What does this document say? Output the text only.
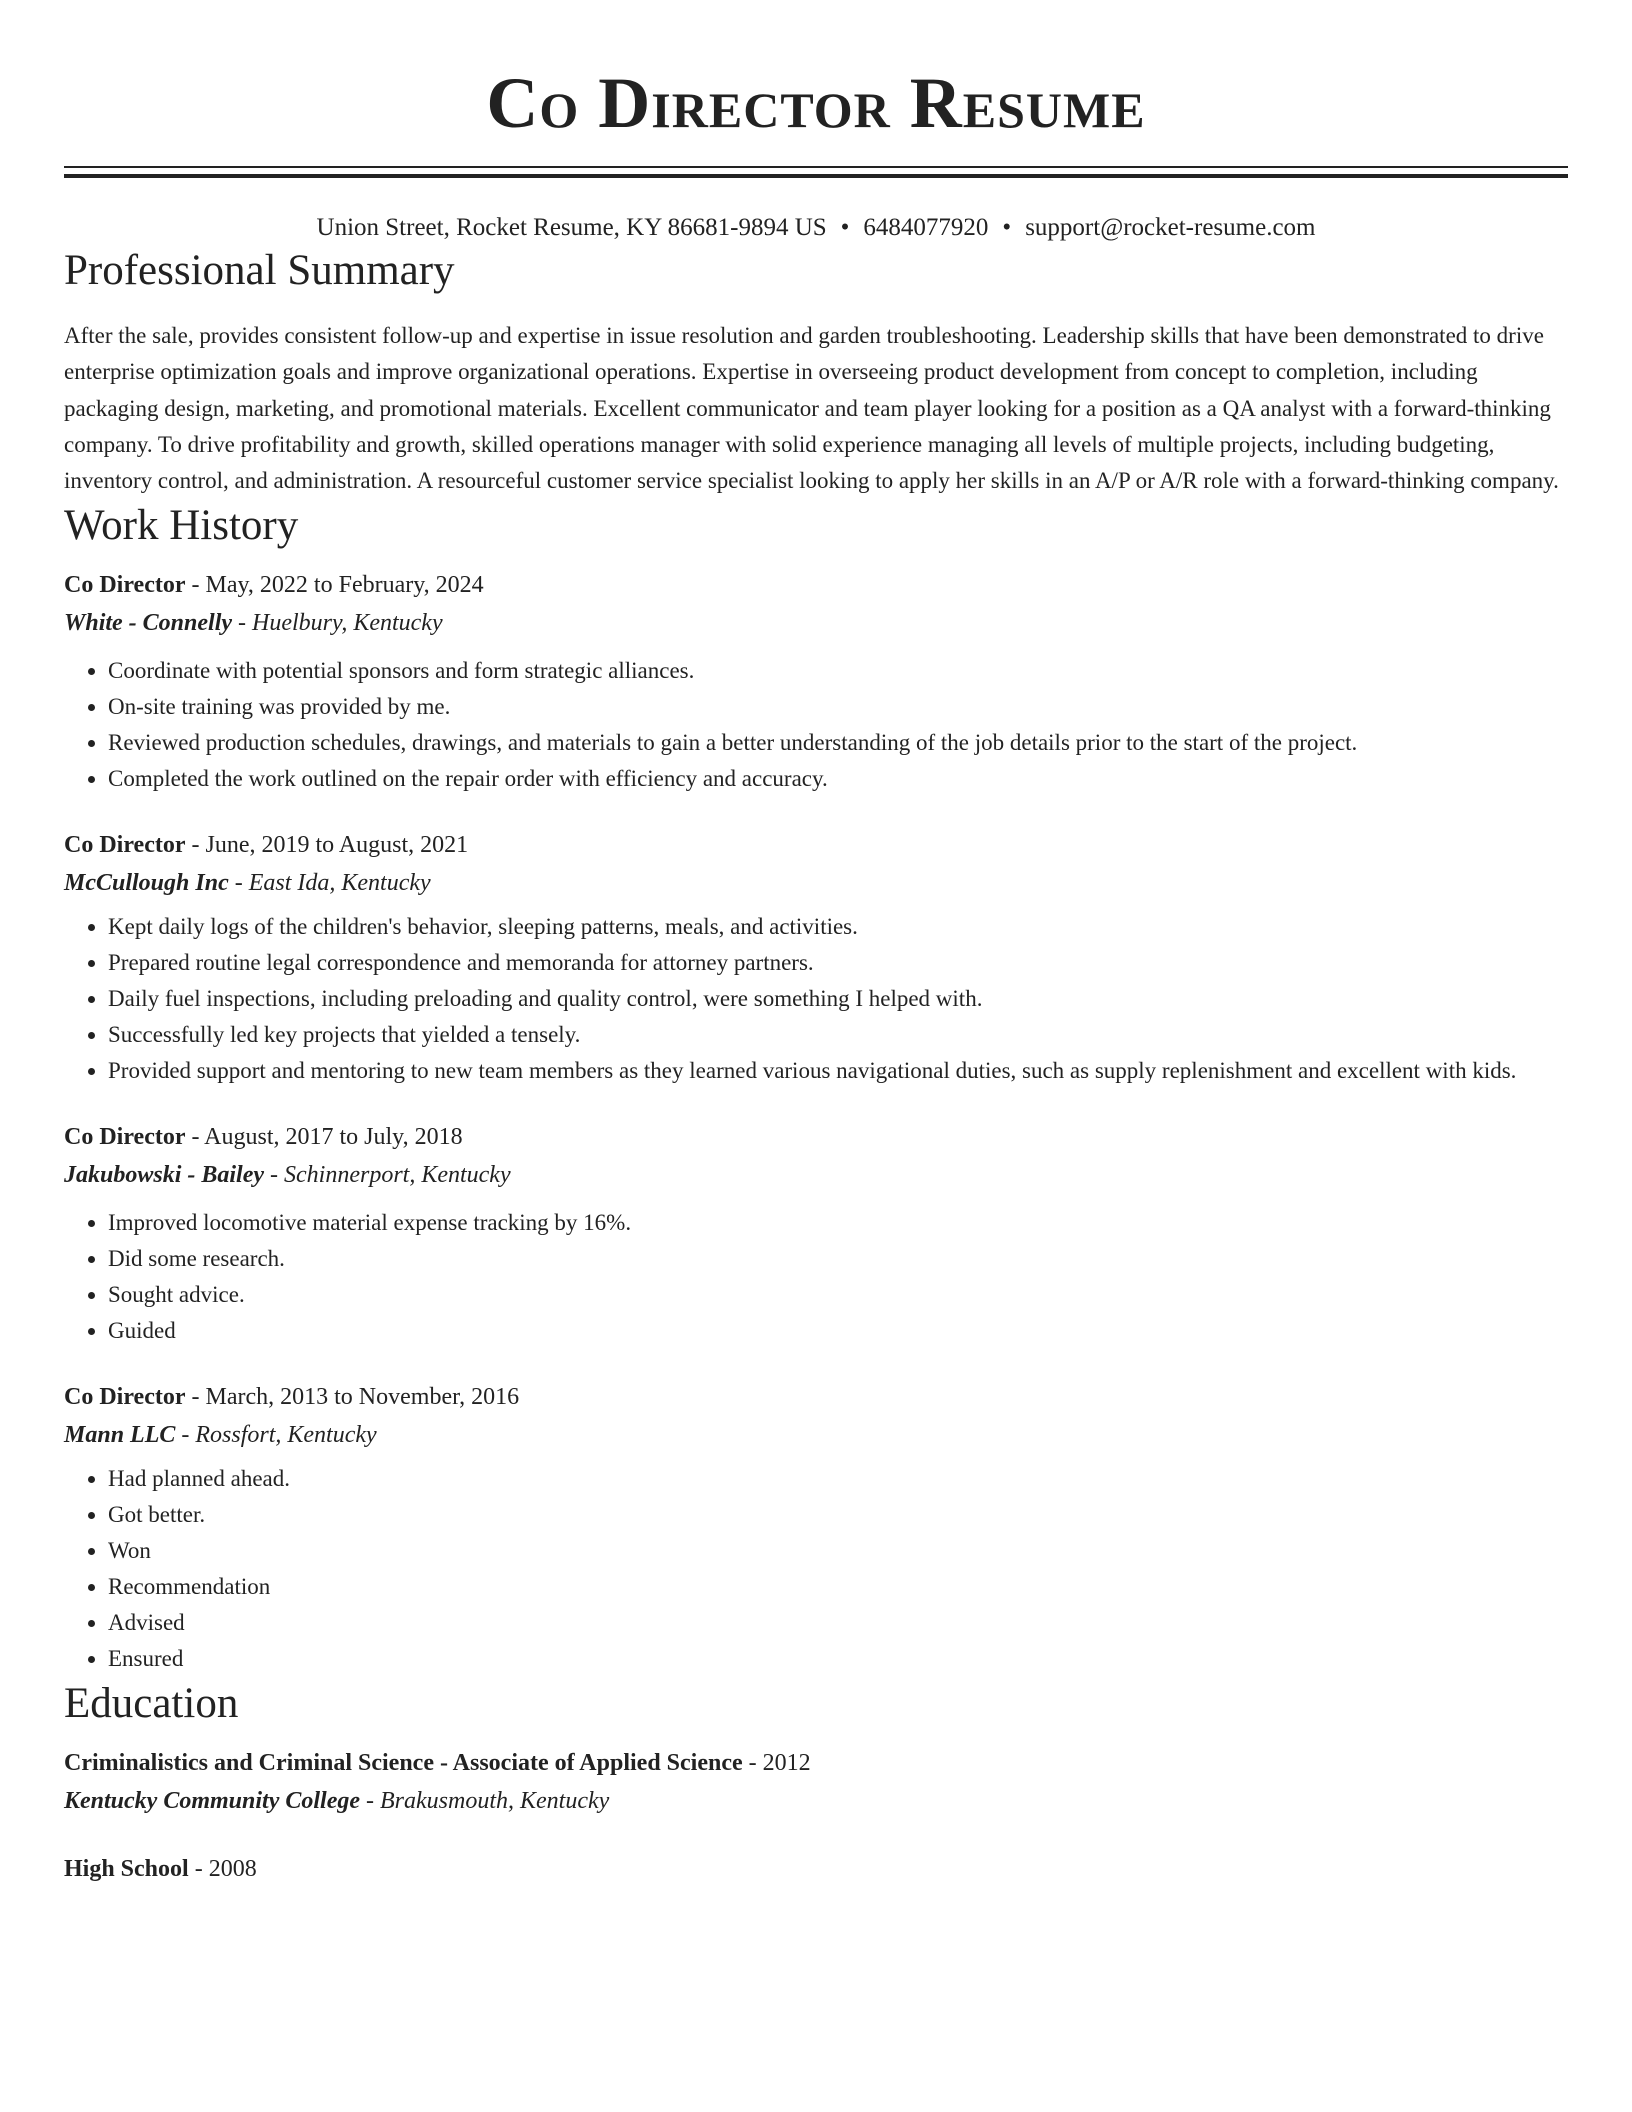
Co Director Resume
Union Street, Rocket Resume, KY 86681-9894 US • 6484077920 • support@rocket-resume.com
Professional Summary

After the sale, provides consistent follow-up and expertise in issue resolution and garden troubleshooting. Leadership skills that have been demonstrated to drive enterprise optimization goals and improve organizational operations. Expertise in overseeing product development from concept to completion, including packaging design, marketing, and promotional materials. Excellent communicator and team player looking for a position as a QA analyst with a forward-thinking company. To drive profitability and growth, skilled operations manager with solid experience managing all levels of multiple projects, including budgeting, inventory control, and administration. A resourceful customer service specialist looking to apply her skills in an A/P or A/R role with a forward-thinking company.

Work History
Co Director - May, 2022 to February, 2024
White - Connelly - Huelbury, Kentucky
• Coordinate with potential sponsors and form strategic alliances.
• On-site training was provided by me.
• Reviewed production schedules, drawings, and materials to gain a better understanding of the job details prior to the start of the project.
• Completed the work outlined on the repair order with efficiency and accuracy.
Co Director - June, 2019 to August, 2021
McCullough Inc - East Ida, Kentucky
• Kept daily logs of the children's behavior, sleeping patterns, meals, and activities.
• Prepared routine legal correspondence and memoranda for attorney partners.
• Daily fuel inspections, including preloading and quality control, were something I helped with.
• Successfully led key projects that yielded a tensely.
• Provided support and mentoring to new team members as they learned various navigational duties, such as supply replenishment and excellent with kids.
Co Director - August, 2017 to July, 2018
Jakubowski - Bailey - Schinnerport, Kentucky
• Improved locomotive material expense tracking by 16%.
• Did some research.
• Sought advice.
• Guided
Co Director - March, 2013 to November, 2016
Mann LLC - Rossfort, Kentucky
• Had planned ahead.
• Got better.
• Won
• Recommendation
• Advised
• Ensured
Education
Criminalistics and Criminal Science - Associate of Applied Science - 2012
Kentucky Community College - Brakusmouth, Kentucky
High School - 2008
